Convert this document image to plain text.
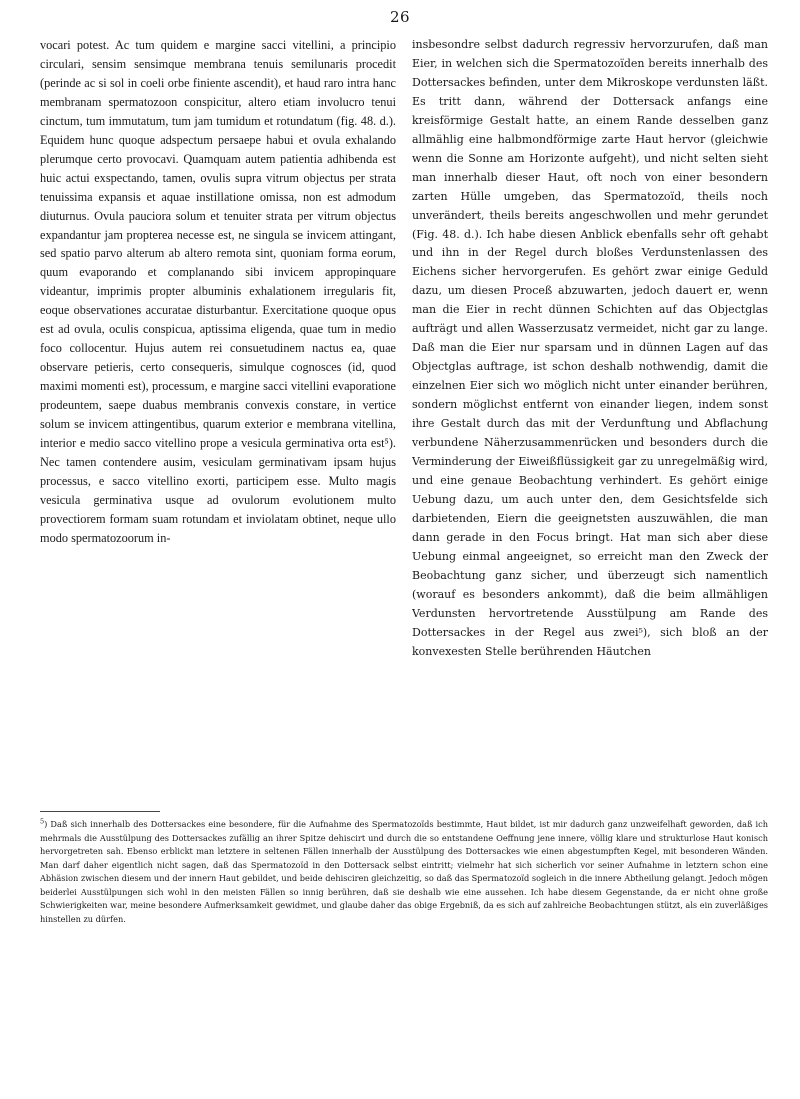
26
vocari potest. Ac tum quidem e margine sacci vitellini, a principio circulari, sensim sensimque membrana tenuis semilunaris procedit (perinde ac si sol in coeli orbe finiente ascendit), et haud raro intra hanc membranam spermatozoon conspicitur, altero etiam involucro tenui cinctum, tum immutatum, tum jam tumidum et rotundatum (fig. 48. d.). Equidem hunc quoque adspectum persaepe habui et ovula exhalando plerumque certo provocavi. Quamquam autem patientia adhibenda est huic actui exspectando, tamen, ovulis supra vitrum objectus per strata tenuissima expansis et aquae instillatione omissa, non est admodum diuturnus. Ovula pauciora solum et tenuiter strata per vitrum objectus expandantur jam propterea necesse est, ne singula se invicem attingant, sed spatio parvo alterum ab altero remota sint, quoniam forma eorum, quum evaporando et complanando sibi invicem appropinquare videantur, imprimis propter albuminis exhalationem irregularis fit, eoque observationes accuratae disturbantur. Exercitatione quoque opus est ad ovula, oculis conspicua, aptissima eligenda, quae tum in medio foco collocentur. Hujus autem rei consuetudinem nactus ea, quae observare petieris, certo consequeris, simulque cognosces (id, quod maximi momenti est), processum, e margine sacci vitellini evaporatione prodeuntem, saepe duabus membranis convexis constare, in vertice solum se invicem attingentibus, quarum exterior e membrana vitellina, interior e medio sacco vitellino prope a vesicula germinativa orta est⁵). Nec tamen contendere ausim, vesiculam germinativam ipsam hujus processus, e sacco vitellino exorti, participem esse. Multo magis vesicula germinativa usque ad ovulorum evolutionem multo provectiorem formam suam rotundam et inviolatam obtinet, neque ullo modo spermatozoorum in-
insbesondre selbst dadurch regressiv hervorzurufen, daß man Eier, in welchen sich die Spermatozoïden bereits innerhalb des Dottersackes befinden, unter dem Mikroskope verdunsten läßt. Es tritt dann, während der Dottersack anfangs eine kreisförmige Gestalt hatte, an einem Rande desselben ganz allmählig eine halbmondförmige zarte Haut hervor (gleichwie wenn die Sonne am Horizonte aufgeht), und nicht selten sieht man innerhalb dieser Haut, oft noch von einer besondern zarten Hülle umgeben, das Spermatozoïd, theils noch unverändert, theils bereits angeschwollen und mehr gerundet (Fig. 48. d.). Ich habe diesen Anblick ebenfalls sehr oft gehabt und ihn in der Regel durch bloßes Verdunstenlassen des Eichens sicher hervorgerufen. Es gehört zwar einige Geduld dazu, um diesen Proceß abzuwarten, jedoch dauert er, wenn man die Eier in recht dünnen Schichten auf das Objectglas aufträgt und allen Wasserzusatz vermeidet, nicht gar zu lange. Daß man die Eier nur sparsam und in dünnen Lagen auf das Objectglas auftrage, ist schon deshalb nothwendig, damit die einzelnen Eier sich wo möglich nicht unter einander berühren, sondern möglichst entfernt von einander liegen, indem sonst ihre Gestalt durch das mit der Verdunftung und Abflachung verbundene Näherzusammenrücken und besonders durch die Verminderung der Eiweißflüssigkeit gar zu unregelmäßig wird, und eine genaue Beobachtung verhindert. Es gehört einige Uebung dazu, um auch unter den, dem Gesichtsfelde sich darbietenden, Eiern die geeignetsten auszuwählen, die man dann gerade in den Focus bringt. Hat man sich aber diese Uebung einmal angeeignet, so erreicht man den Zweck der Beobachtung ganz sicher, und überzeugt sich namentlich (worauf es besonders ankommt), daß die beim allmähligen Verdunsten hervortretende Ausstülpung am Rande des Dottersackes in der Regel aus zwei⁵), sich bloß an der konvexesten Stelle berührenden Häutchen
$^5$) Daß sich innerhalb des Dottersackes eine besondere, für die Aufnahme des Spermatozoïds bestimmte, Haut bildet, ist mir dadurch ganz unzweifelhaft geworden, daß ich mehrmals die Ausstülpung des Dottersackes zufällig an ihrer Spitze dehiscirt und durch die so entstandene Oeffnung jene innere, völlig klare und strukturlose Haut konisch hervorgetreten sah. Ebenso erblickt man letztere in seltenen Fällen innerhalb der Ausstülpung des Dottersackes wie einen abgestumpften Kegel, mit besonderen Wänden. Man darf daher eigentlich nicht sagen, daß das Spermatozoïd in den Dottersack selbst eintritt; vielmehr hat sich sicherlich vor seiner Aufnahme in letztern schon eine Abhäsion zwischen diesem und der innern Haut gebildet, und beide dehisciren gleichzeitig, so daß das Spermatozoïd sogleich in die innere Abtheilung gelangt. Jedoch mögen beiderlei Ausstülpungen sich wohl in den meisten Fällen so innig berühren, daß sie deshalb wie eine aussehen. Ich habe diesem Gegenstande, da er nicht ohne große Schwierigkeiten war, meine besondere Aufmerksamkeit gewidmet, und glaube daher das obige Ergebniß, da es sich auf zahlreiche Beobachtungen stützt, als ein zuverläßiges hinstellen zu dürfen.
